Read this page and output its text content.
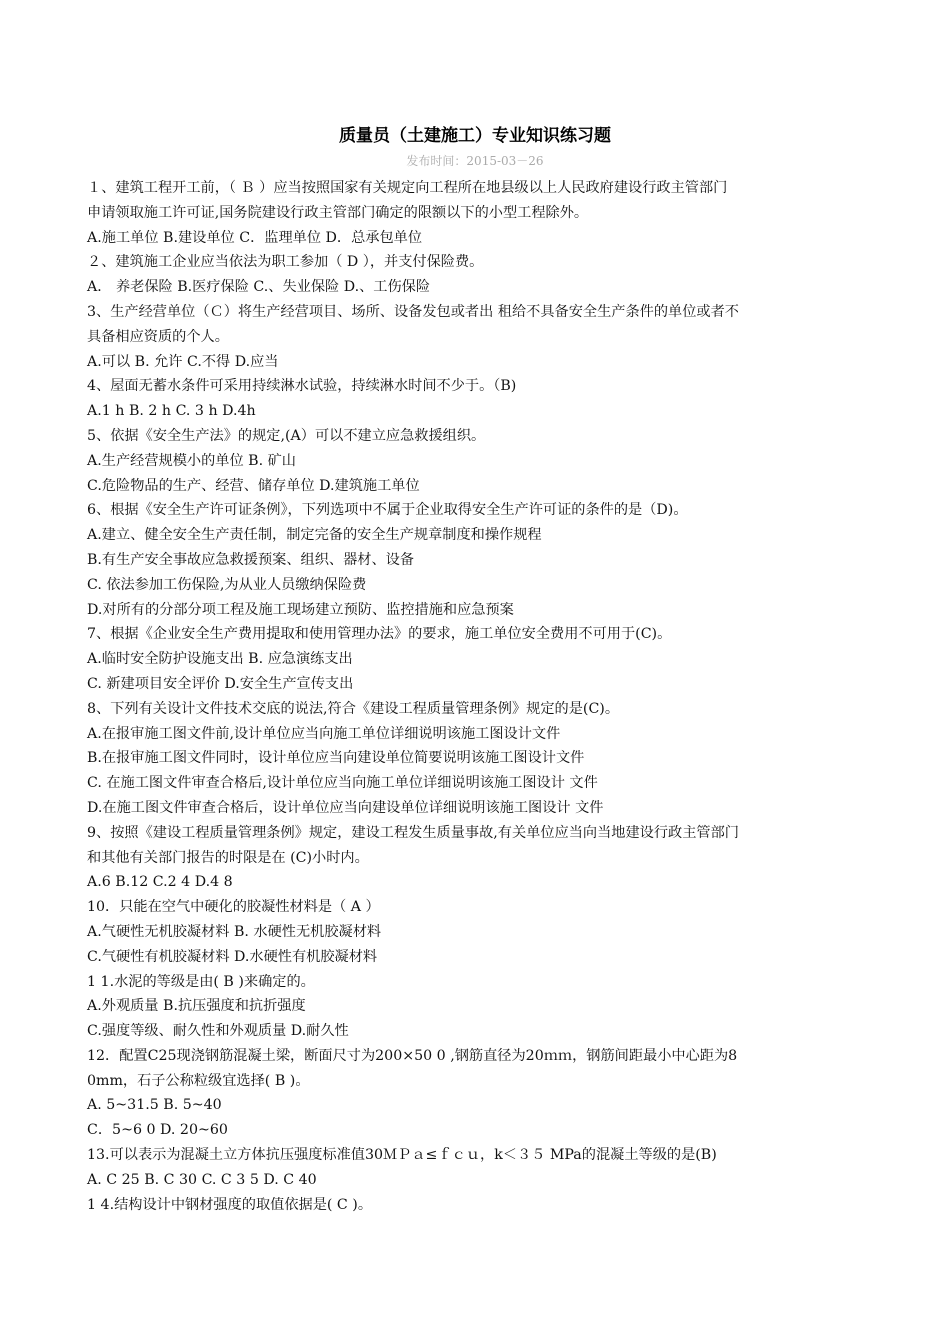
质量员（土建施工）专业知识练习题
发布时间：2015-03－26
１、建筑工程开工前，（ Ｂ ）应当按照国家有关规定向工程所在地县级以上人民政府建设行政主管部门
申请领取施工许可证,国务院建设行政主管部门确定的限额以下的小型工程除外。
A.施工单位 B.建设单位 C．监理单位 D．总承包单位
２、建筑施工企业应当依法为职工参加（ D ），并支付保险费。
A． 养老保险 B.医疗保险 C.、失业保险 D.、工伤保险
3、生产经营单位（Ｃ）将生产经营项目、场所、设备发包或者出 租给不具备安全生产条件的单位或者不
具备相应资质的个人。
A.可以 B. 允许 C.不得 D.应当
4、屋面无蓄水条件可采用持续淋水试验，持续淋水时间不少于。（B)
A.1 h B. 2 h C. 3 h D.4h
5、依据《安全生产法》的规定,(A）可以不建立应急救援组织。
A.生产经营规模小的单位 B. 矿山
C.危险物品的生产、经营、储存单位 D.建筑施工单位
6、根据《安全生产许可证条例》，下列选项中不属于企业取得安全生产许可证的条件的是（D)。
A.建立、健全安全生产责任制，制定完备的安全生产规章制度和操作规程
B.有生产安全事故应急救援预案、组织、器材、设备
C. 依法参加工伤保险,为从业人员缴纳保险费
D.对所有的分部分项工程及施工现场建立预防、监控措施和应急预案
7、根据《企业安全生产费用提取和使用管理办法》的要求，施工单位安全费用不可用于(C)。
A.临时安全防护设施支出 B. 应急演练支出
C. 新建项目安全评价 D.安全生产宣传支出
8、下列有关设计文件技术交底的说法,符合《建设工程质量管理条例》规定的是(C)。
A.在报审施工图文件前,设计单位应当向施工单位详细说明该施工图设计文件
B.在报审施工图文件同时，设计单位应当向建设单位简要说明该施工图设计文件
C. 在施工图文件审查合格后,设计单位应当向施工单位详细说明该施工图设计 文件
D.在施工图文件审查合格后，设计单位应当向建设单位详细说明该施工图设计 文件
9、按照《建设工程质量管理条例》规定，建设工程发生质量事故,有关单位应当向当地建设行政主管部门
和其他有关部门报告的时限是在 (C)小时内。
A.6 B.12 C.2 4 D.4 8
10．只能在空气中硬化的胶凝性材料是（ A ）
A.气硬性无机胶凝材料 B. 水硬性无机胶凝材料
C.气硬性有机胶凝材料 D.水硬性有机胶凝材料
1 1.水泥的等级是由( B )来确定的。
A.外观质量 B.抗压强度和抗折强度
C.强度等级、耐久性和外观质量 D.耐久性
12．配置C25现浇钢筋混凝土梁，断面尺寸为200×50 0 ,钢筋直径为20ｍｍ，钢筋间距最小中心距为8
0mm，石子公称粒级宜选择( B )。
A. 5~31.5 B. 5~40
C．5~6 0 D. 20~60
13.可以表示为混凝土立方体抗压强度标准值30ＭＰａ≤ｆｃｕ，k＜３５ MPa的混凝土等级的是(B)
A. C 25 B. C 30 C. C 3 5 D. C 40
1 4.结构设计中钢材强度的取值依据是( C )。
